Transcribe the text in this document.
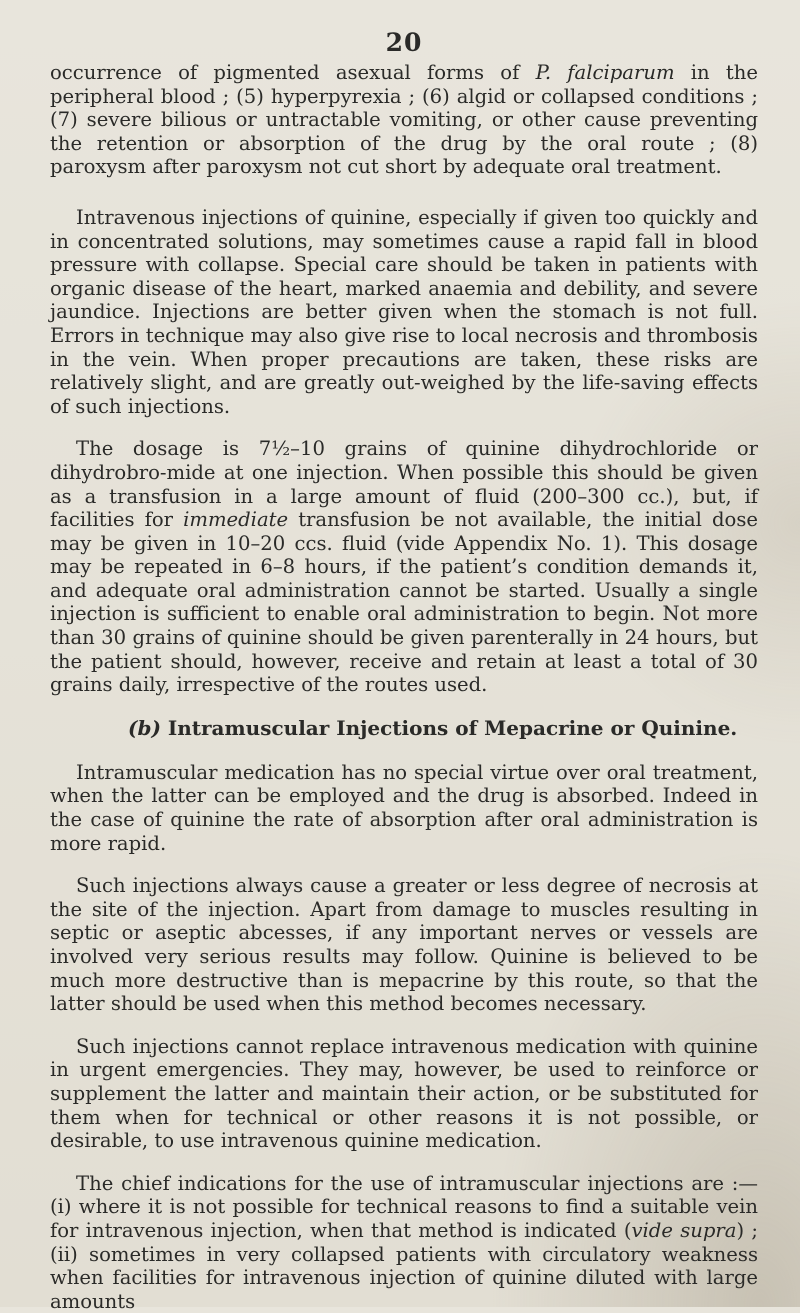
20

occurrence of pigmented asexual forms of P. falciparum in the peripheral blood ; (5) hyperpyrexia ; (6) algid or collapsed conditions ; (7) severe bilious or untractable vomiting, or other cause preventing the retention or absorption of the drug by the oral route ; (8) paroxysm after paroxysm not cut short by adequate oral treatment.

Intravenous injections of quinine, especially if given too quickly and in concentrated solutions, may sometimes cause a rapid fall in blood pressure with collapse. Special care should be taken in patients with organic disease of the heart, marked anaemia and debility, and severe jaundice. Injections are better given when the stomach is not full. Errors in technique may also give rise to local necrosis and thrombosis in the vein. When proper precautions are taken, these risks are relatively slight, and are greatly out-weighed by the life-saving effects of such injections.

The dosage is 7½–10 grains of quinine dihydrochloride or dihydrobro-mide at one injection. When possible this should be given as a transfusion in a large amount of fluid (200–300 cc.), but, if facilities for immediate transfusion be not available, the initial dose may be given in 10–20 ccs. fluid (vide Appendix No. 1). This dosage may be repeated in 6–8 hours, if the patient’s condition demands it, and adequate oral administration cannot be started. Usually a single injection is sufficient to enable oral administration to begin. Not more than 30 grains of quinine should be given parenterally in 24 hours, but the patient should, however, receive and retain at least a total of 30 grains daily, irrespective of the routes used.

(b) Intramuscular Injections of Mepacrine or Quinine.

Intramuscular medication has no special virtue over oral treatment, when the latter can be employed and the drug is absorbed. Indeed in the case of quinine the rate of absorption after oral administration is more rapid.

Such injections always cause a greater or less degree of necrosis at the site of the injection. Apart from damage to muscles resulting in septic or aseptic abcesses, if any important nerves or vessels are involved very serious results may follow. Quinine is believed to be much more destructive than is mepacrine by this route, so that the latter should be used when this method becomes necessary.

Such injections cannot replace intravenous medication with quinine in urgent emergencies. They may, however, be used to reinforce or supplement the latter and maintain their action, or be substituted for them when for technical or other reasons it is not possible, or desirable, to use intravenous quinine medication.

The chief indications for the use of intramuscular injections are :— (i) where it is not possible for technical reasons to find a suitable vein for intravenous injection, when that method is indicated (vide supra) ; (ii) sometimes in very collapsed patients with circulatory weakness when facilities for intravenous injection of quinine diluted with large amounts
